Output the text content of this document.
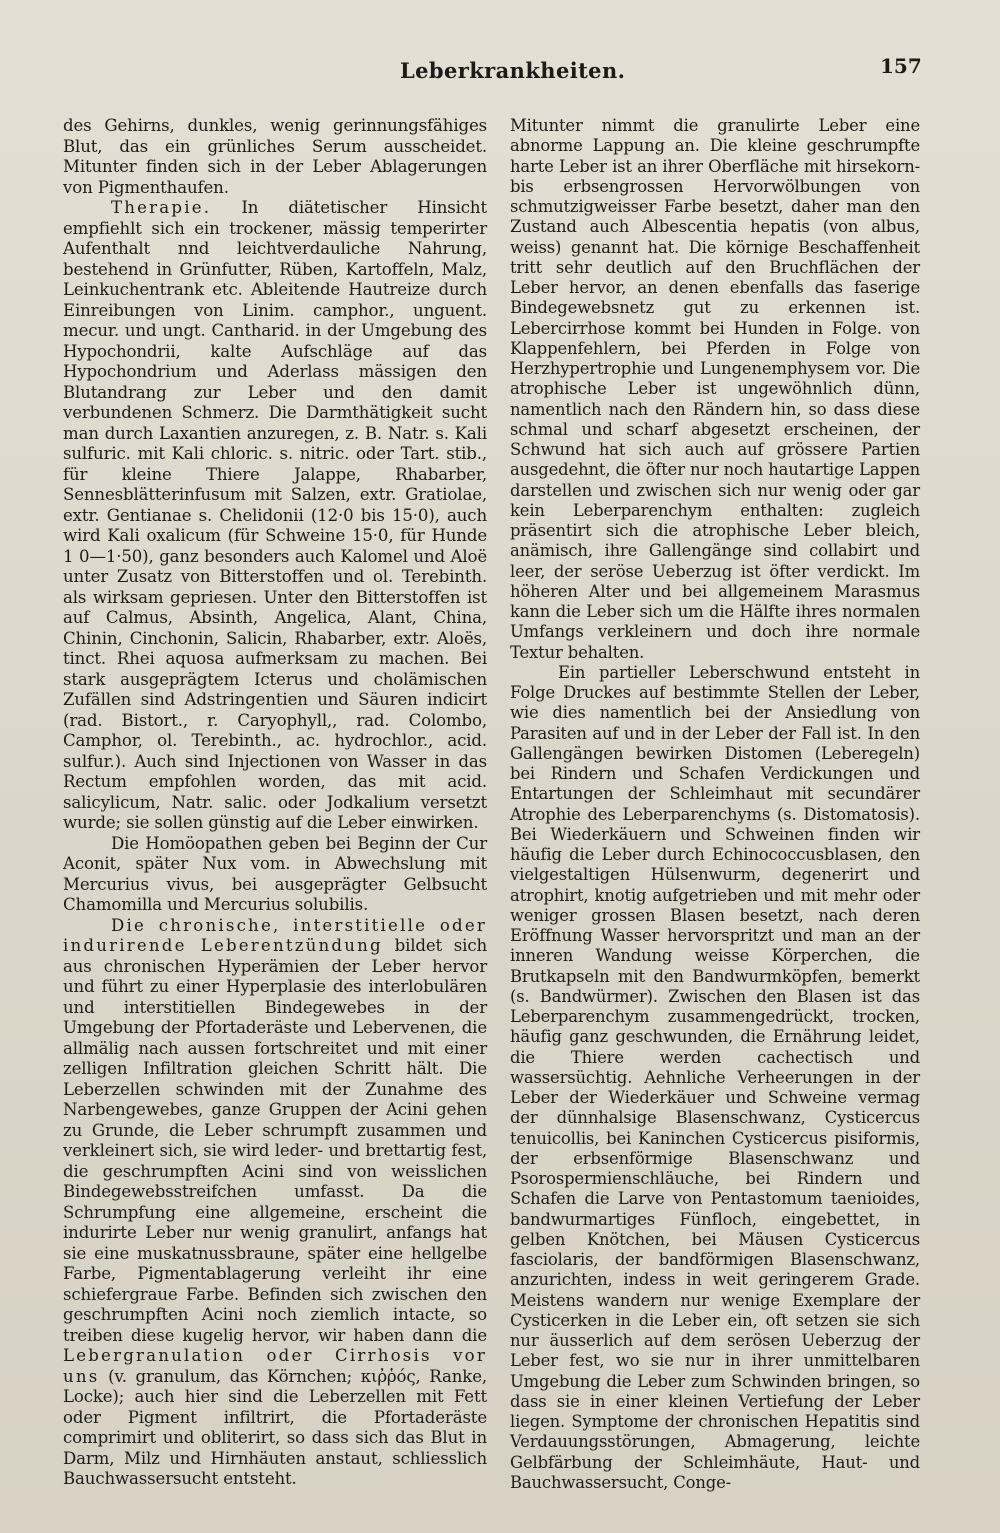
Leberkrankheiten.	157

des Gehirns, dunkles, wenig gerinnungsfähiges Blut, das ein grünliches Serum ausscheidet. Mitunter finden sich in der Leber Ablagerungen von Pigmenthaufen.

Therapie. In diätetischer Hinsicht empfiehlt sich ein trockener, mässig temperirter Aufenthalt nnd leichtverdauliche Nahrung, bestehend in Grünfutter, Rüben, Kartoffeln, Malz, Leinkuchentrank etc. Ableitende Hautreize durch Einreibungen von Linim. camphor., unguent. mecur. und ungt. Cantharid. in der Umgebung des Hypochondrii, kalte Aufschläge auf das Hypochondrium und Aderlass mässigen den Blutandrang zur Leber und den damit verbundenen Schmerz. Die Darmthätigkeit sucht man durch Laxantien anzuregen, z. B. Natr. s. Kali sulfuric. mit Kali chloric. s. nitric. oder Tart. stib., für kleine Thiere Jalappe, Rhabarber, Sennesblätterinfusum mit Salzen, extr. Gratiolae, extr. Gentianae s. Chelidonii (12·0 bis 15·0), auch wird Kali oxalicum (für Schweine 15·0, für Hunde 1 0—1·50), ganz besonders auch Kalomel und Aloë unter Zusatz von Bitterstoffen und ol. Terebinth. als wirksam gepriesen. Unter den Bitterstoffen ist auf Calmus, Absinth, Angelica, Alant, China, Chinin, Cinchonin, Salicin, Rhabarber, extr. Aloës, tinct. Rhei aquosa aufmerksam zu machen. Bei stark ausgeprägtem Icterus und cholämischen Zufällen sind Adstringentien und Säuren indicirt (rad. Bistort., r. Caryophyll,, rad. Colombo, Camphor, ol. Terebinth., ac. hydrochlor., acid. sulfur.). Auch sind Injectionen von Wasser in das Rectum empfohlen worden, das mit acid. salicylicum, Natr. salic. oder Jodkalium versetzt wurde; sie sollen günstig auf die Leber einwirken.

Die Homöopathen geben bei Beginn der Cur Aconit, später Nux vom. in Abwechslung mit Mercurius vivus, bei ausgeprägter Gelbsucht Chamomilla und Mercurius solubilis.

Die chronische, interstitielle oder indurirende Leberentzündung bildet sich aus chronischen Hyperämien der Leber hervor und führt zu einer Hyperplasie des interlobulären und interstitiellen Bindegewebes in der Umgebung der Pfortaderäste und Lebervenen, die allmälig nach aussen fortschreitet und mit einer zelligen Infiltration gleichen Schritt hält. Die Leberzellen schwinden mit der Zunahme des Narbengewebes, ganze Gruppen der Acini gehen zu Grunde, die Leber schrumpft zusammen und verkleinert sich, sie wird leder- und brettartig fest, die geschrumpften Acini sind von weisslichen Bindegewebsstreifchen umfasst. Da die Schrumpfung eine allgemeine, erscheint die indurirte Leber nur wenig granulirt, anfangs hat sie eine muskatnussbraune, später eine hellgelbe Farbe, Pigmentablagerung verleiht ihr eine schiefergraue Farbe. Befinden sich zwischen den geschrumpften Acini noch ziemlich intacte, so treiben diese kugelig hervor, wir haben dann die Lebergranulation oder Cirrhosis vor uns (v. granulum, das Körnchen; κιῤῥός, Ranke, Locke); auch hier sind die Leberzellen mit Fett oder Pigment infiltrirt, die Pfortaderäste comprimirt und obliterirt, so dass sich das Blut in Darm, Milz und Hirnhäuten anstaut, schliesslich Bauchwassersucht entsteht.

Mitunter nimmt die granulirte Leber eine abnorme Lappung an. Die kleine geschrumpfte harte Leber ist an ihrer Oberfläche mit hirsekorn- bis erbsengrossen Hervorwölbungen von schmutzigweisser Farbe besetzt, daher man den Zustand auch Albescentia hepatis (von albus, weiss) genannt hat. Die körnige Beschaffenheit tritt sehr deutlich auf den Bruchflächen der Leber hervor, an denen ebenfalls das faserige Bindegewebsnetz gut zu erkennen ist. Lebercirrhose kommt bei Hunden in Folge. von Klappenfehlern, bei Pferden in Folge von Herzhypertrophie und Lungenemphysem vor. Die atrophische Leber ist ungewöhnlich dünn, namentlich nach den Rändern hin, so dass diese schmal und scharf abgesetzt erscheinen, der Schwund hat sich auch auf grössere Partien ausgedehnt, die öfter nur noch hautartige Lappen darstellen und zwischen sich nur wenig oder gar kein Leberparenchym enthalten: zugleich präsentirt sich die atrophische Leber bleich, anämisch, ihre Gallengänge sind collabirt und leer, der seröse Ueberzug ist öfter verdickt. Im höheren Alter und bei allgemeinem Marasmus kann die Leber sich um die Hälfte ihres normalen Umfangs verkleinern und doch ihre normale Textur behalten.

Ein partieller Leberschwund entsteht in Folge Druckes auf bestimmte Stellen der Leber, wie dies namentlich bei der Ansiedlung von Parasiten auf und in der Leber der Fall ist. In den Gallengängen bewirken Distomen (Leberegeln) bei Rindern und Schafen Verdickungen und Entartungen der Schleimhaut mit secundärer Atrophie des Leberparenchyms (s. Distomatosis). Bei Wiederkäuern und Schweinen finden wir häufig die Leber durch Echinococcusblasen, den vielgestaltigen Hülsenwurm, degenerirt und atrophirt, knotig aufgetrieben und mit mehr oder weniger grossen Blasen besetzt, nach deren Eröffnung Wasser hervorspritzt und man an der inneren Wandung weisse Körperchen, die Brutkapseln mit den Bandwurmköpfen, bemerkt (s. Bandwürmer). Zwischen den Blasen ist das Leberparenchym zusammengedrückt, trocken, häufig ganz geschwunden, die Ernährung leidet, die Thiere werden cachectisch und wassersüchtig. Aehnliche Verheerungen in der Leber der Wiederkäuer und Schweine vermag der dünnhalsige Blasenschwanz, Cysticercus tenuicollis, bei Kaninchen Cysticercus pisiformis, der erbsenförmige Blasenschwanz und Psorospermienschläuche, bei Rindern und Schafen die Larve von Pentastomum taenioides, bandwurmartiges Fünfloch, eingebettet, in gelben Knötchen, bei Mäusen Cysticercus fasciolaris, der bandförmigen Blasenschwanz, anzurichten, indess in weit geringerem Grade. Meistens wandern nur wenige Exemplare der Cysticerken in die Leber ein, oft setzen sie sich nur äusserlich auf dem serösen Ueberzug der Leber fest, wo sie nur in ihrer unmittelbaren Umgebung die Leber zum Schwinden bringen, so dass sie in einer kleinen Vertiefung der Leber liegen. Symptome der chronischen Hepatitis sind Verdauungsstörungen, Abmagerung, leichte Gelbfärbung der Schleimhäute, Haut- und Bauchwassersucht, Conge-
